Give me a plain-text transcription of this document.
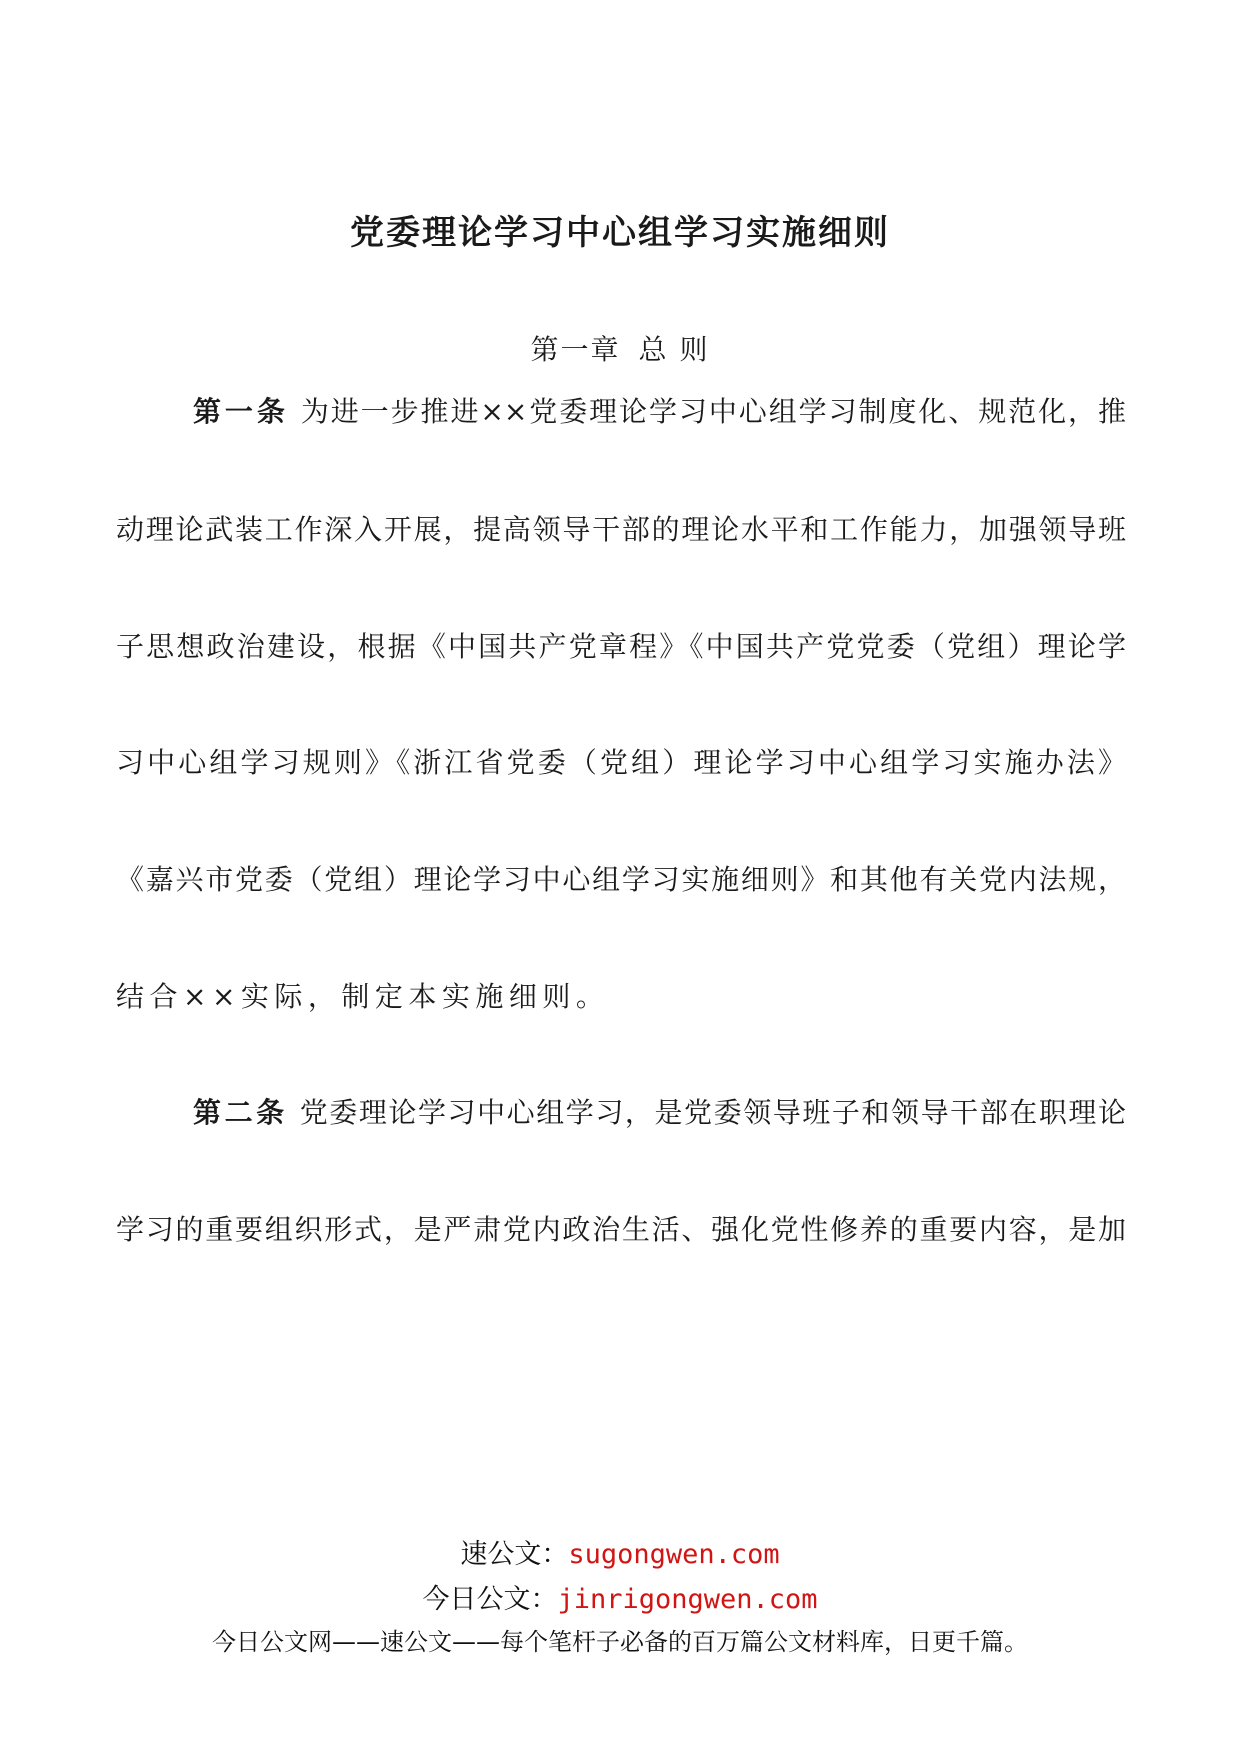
党委理论学习中心组学习实施细则
第一章 总 则
第一条 为进一步推进××党委理论学习中心组学习制度化、规范化，推
动理论武装工作深入开展，提高领导干部的理论水平和工作能力，加强领导班
子思想政治建设，根据《中国共产党章程》《中国共产党党委（党组）理论学
习中心组学习规则》《浙江省党委（党组）理论学习中心组学习实施办法》
《嘉兴市党委（党组）理论学习中心组学习实施细则》和其他有关党内法规，
结合××实际，制定本实施细则。
第二条 党委理论学习中心组学习，是党委领导班子和领导干部在职理论
学习的重要组织形式，是严肃党内政治生活、强化党性修养的重要内容，是加
速公文：sugongwen.com
今日公文：jinrigongwen.com
今日公文网——速公文——每个笔杆子必备的百万篇公文材料库，日更千篇。
